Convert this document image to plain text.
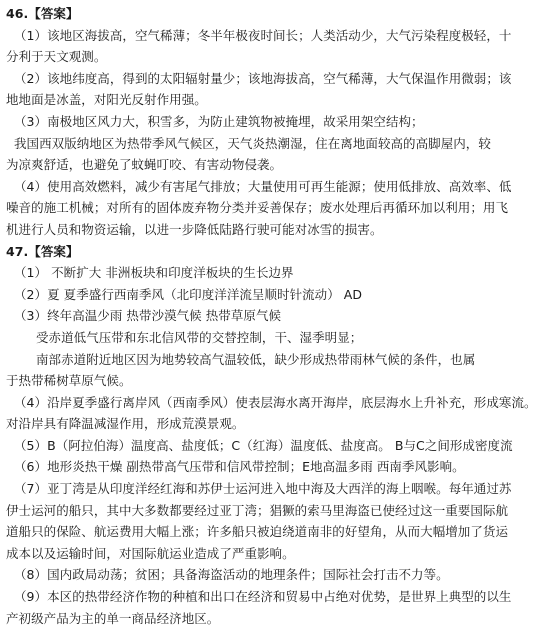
46.【答案】
（1）该地区海拔高，空气稀薄；冬半年极夜时间长；人类活动少，大气污染程度极轻，十
分利于天文观测。
（2）该地纬度高，得到的太阳辐射量少；该地海拔高，空气稀薄，大气保温作用微弱；该
地地面是冰盖，对阳光反射作用强。
（3）南极地区风力大，积雪多，为防止建筑物被掩埋，故采用架空结构；
我国西双版纳地区为热带季风气候区，天气炎热潮湿，住在离地面较高的高脚屋内，较
为凉爽舒适，也避免了蚊蝇叮咬、有害动物侵袭。
（4）使用高效燃料，减少有害尾气排放；大量使用可再生能源；使用低排放、高效率、低
噪音的施工机械；对所有的固体废弃物分类并妥善保存；废水处理后再循环加以利用；用飞
机进行人员和物资运输，以进一步降低陆路行驶可能对冰雪的损害。
47.【答案】
（1） 不断扩大 非洲板块和印度洋板块的生长边界
（2）夏 夏季盛行西南季风（北印度洋洋流呈顺时针流动） AD
（3）终年高温少雨 热带沙漠气候 热带草原气候
受赤道低气压带和东北信风带的交替控制，干、湿季明显；
南部赤道附近地区因为地势较高气温较低，缺少形成热带雨林气候的条件，也属
于热带稀树草原气候。
（4）沿岸夏季盛行离岸风（西南季风）使表层海水离开海岸，底层海水上升补充，形成寒流。
对沿岸具有降温减湿作用，形成荒漠景观。
（5）B（阿拉伯海）温度高、盐度低；C（红海）温度低、盐度高。 B与C之间形成密度流
（6）地形炎热干燥 副热带高气压带和信风带控制；E地高温多雨 西南季风影响。
（7）亚丁湾是从印度洋经红海和苏伊士运河进入地中海及大西洋的海上咽喉。每年通过苏
伊士运河的船只，其中大多数都要经过亚丁湾；猖獗的索马里海盗已使经过这一重要国际航
道船只的保险、航运费用大幅上涨；许多船只被迫绕道南非的好望角，从而大幅增加了货运
成本以及运输时间，对国际航运业造成了严重影响。
（8）国内政局动荡；贫困；具备海盗活动的地理条件；国际社会打击不力等。
（9）本区的热带经济作物的种植和出口在经济和贸易中占绝对优势，是世界上典型的以生
产初级产品为主的单一商品经济地区。
